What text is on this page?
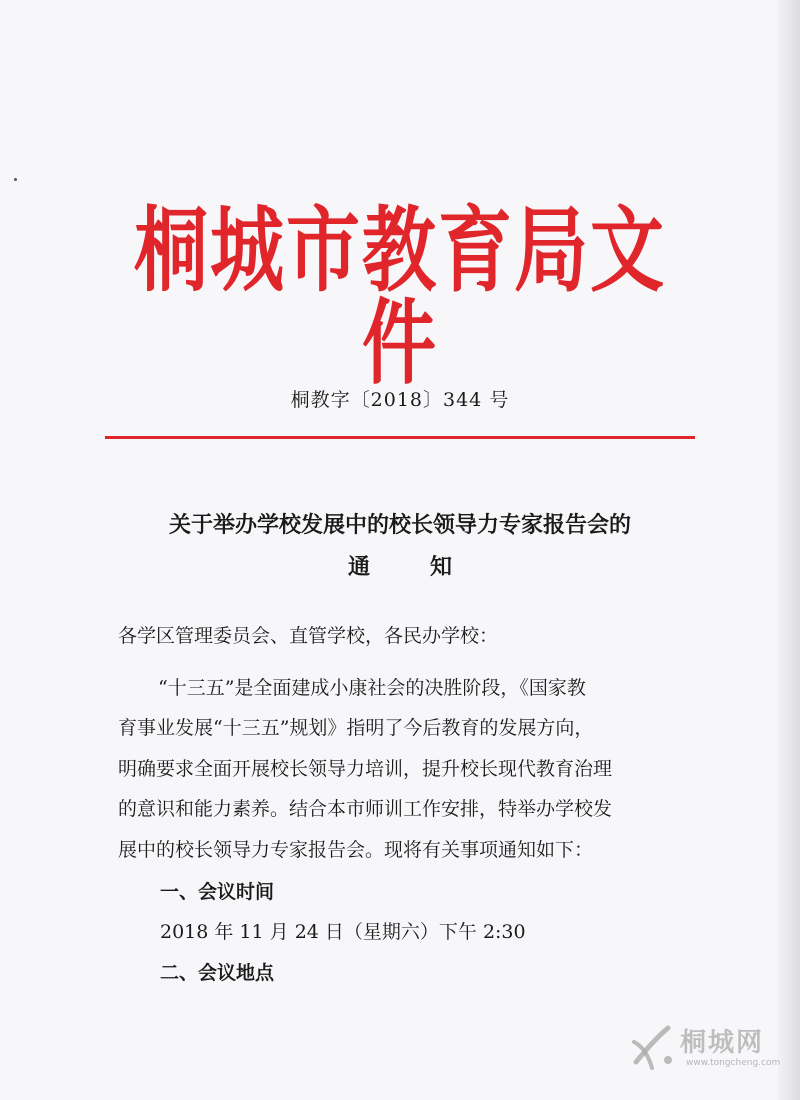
桐城市教育局文件
桐教字〔2018〕344 号
关于举办学校发展中的校长领导力专家报告会的
通知
各学区管理委员会、直管学校，各民办学校：
“十三五”是全面建成小康社会的决胜阶段，《国家教
育事业发展“十三五”规划》指明了今后教育的发展方向，
明确要求全面开展校长领导力培训，提升校长现代教育治理
的意识和能力素养。结合本市师训工作安排，特举办学校发
展中的校长领导力专家报告会。现将有关事项通知如下：
一、会议时间
2018 年 11 月 24 日（星期六）下午 2:30
二、会议地点
桐城网
www.tongcheng.com
